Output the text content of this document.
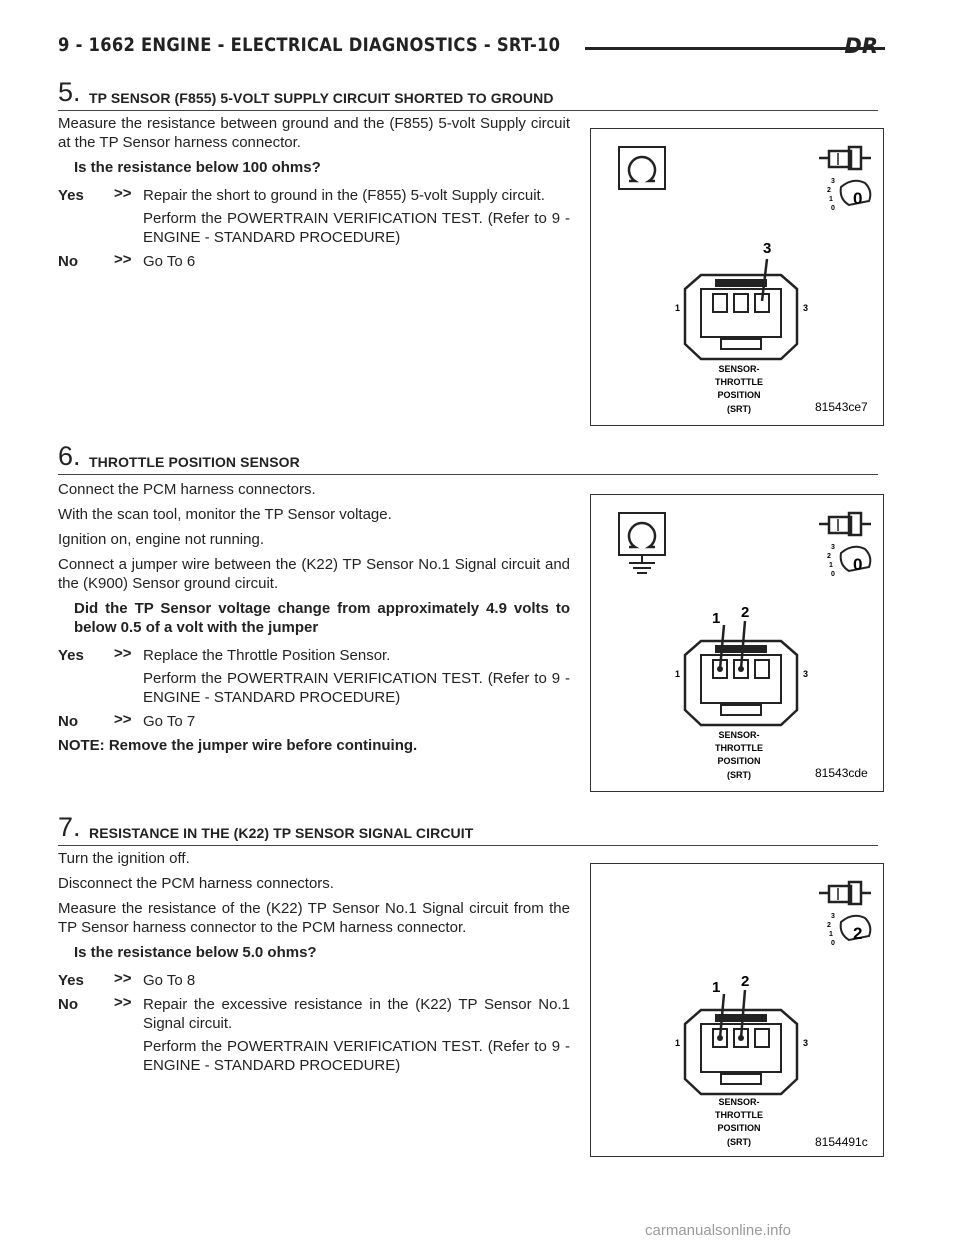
9 - 1662 ENGINE - ELECTRICAL DIAGNOSTICS - SRT-10	DR
5. TP SENSOR (F855) 5-VOLT SUPPLY CIRCUIT SHORTED TO GROUND

Measure the resistance between ground and the (F855) 5-volt Supply circuit at the TP Sensor harness connector.

Is the resistance below 100 ohms?

Yes >> Repair the short to ground in the (F855) 5-volt Supply circuit.

Perform the POWERTRAIN VERIFICATION TEST. (Refer to 9 - ENGINE - STANDARD PROCEDURE)

No >> Go To 6

3
2
1
0
0
3
1	3
SENSOR-
THROTTLE
POSITION
(SRT)	81543ce7
6. THROTTLE POSITION SENSOR

Connect the PCM harness connectors.

With the scan tool, monitor the TP Sensor voltage.

Ignition on, engine not running.

Connect a jumper wire between the (K22) TP Sensor No.1 Signal circuit and the (K900) Sensor ground circuit.

Did the TP Sensor voltage change from approximately 4.9 volts to below 0.5 of a volt with the jumper

Yes >> Replace the Throttle Position Sensor.

Perform the POWERTRAIN VERIFICATION TEST. (Refer to 9 - ENGINE - STANDARD PROCEDURE)

No >> Go To 7

NOTE: Remove the jumper wire before continuing.

3
2
1
0
0
1 2
1	3
SENSOR-
THROTTLE
POSITION
(SRT)	81543cde
7. RESISTANCE IN THE (K22) TP SENSOR SIGNAL CIRCUIT

Turn the ignition off.

Disconnect the PCM harness connectors.

Measure the resistance of the (K22) TP Sensor No.1 Signal circuit from the TP Sensor harness connector to the PCM harness connector.

Is the resistance below 5.0 ohms?

Yes >> Go To 8

No >> Repair the excessive resistance in the (K22) TP Sensor No.1 Signal circuit.

Perform the POWERTRAIN VERIFICATION TEST. (Refer to 9 - ENGINE - STANDARD PROCEDURE)

3
2
1
0
2
1 2
1	3
SENSOR-
THROTTLE
POSITION
(SRT)	8154491c
carmanualsonline.info
